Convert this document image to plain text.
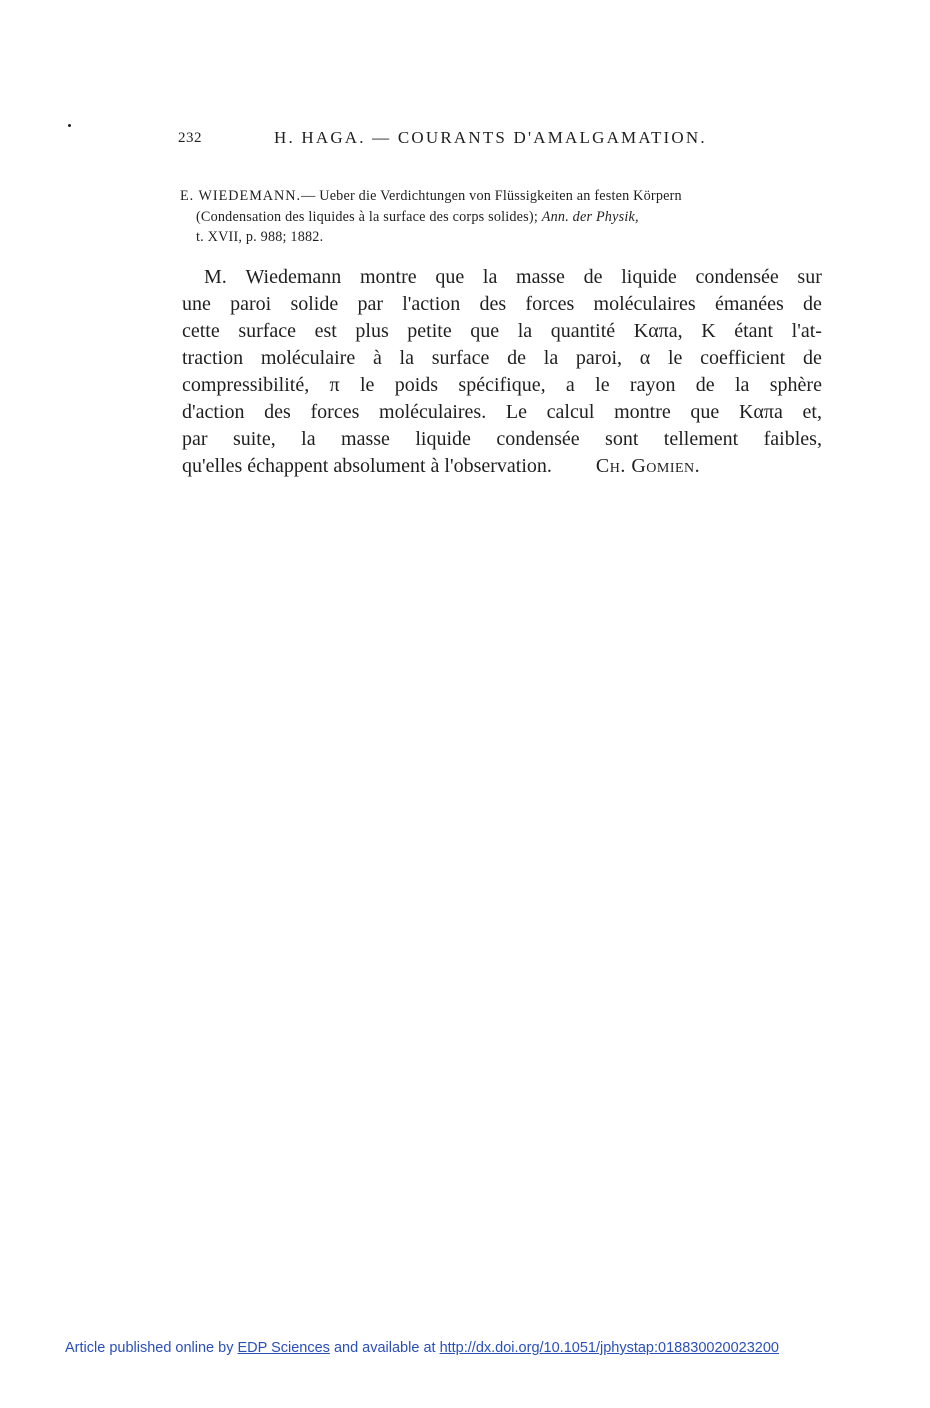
232	H. HAGA. — COURANTS D'AMALGAMATION.
E. WIEDEMANN.— Ueber die Verdichtungen von Flüssigkeiten an festen Körpern
(Condensation des liquides à la surface des corps solides); Ann. der Physik,
t. XVII, p. 988; 1882.
M. Wiedemann montre que la masse de liquide condensée sur
une paroi solide par l'action des forces moléculaires émanées de
cette surface est plus petite que la quantité Kαπa, K étant l'at-
traction moléculaire à la surface de la paroi, α le coefficient de
compressibilité, π le poids spécifique, a le rayon de la sphère
d'action des forces moléculaires. Le calcul montre que Kαπa et,
par suite, la masse liquide condensée sont tellement faibles,
qu'elles échappent absolument à l'observation. Ch. Gomien.
Article published online by EDP Sciences and available at http://dx.doi.org/10.1051/jphystap:018830020023200
